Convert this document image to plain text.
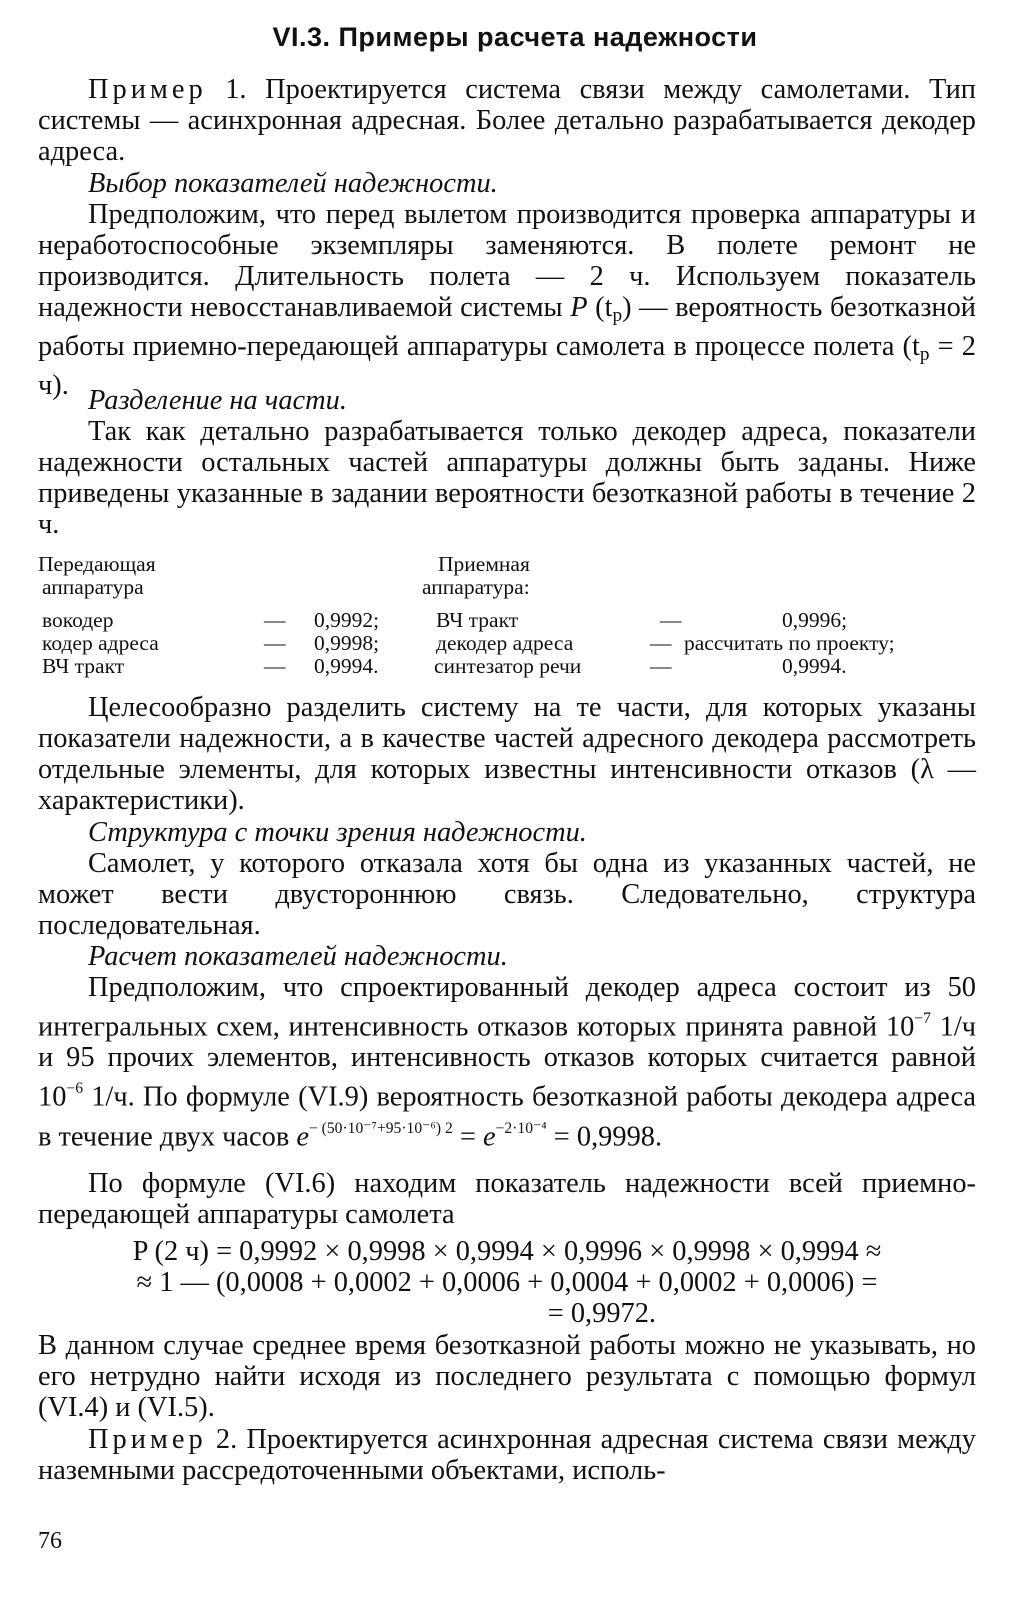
VI.3. Примеры расчета надежности

Пример 1. Проектируется система связи между самолетами. Тип системы — асинхронная адресная. Более детально разрабатывается декодер адреса.

Выбор показателей надежности.

Предположим, что перед вылетом производится проверка аппаратуры и неработоспособные экземпляры заменяются. В полете ремонт не производится. Длительность полета — 2 ч. Используем показатель надежности невосстанавливаемой системы P $(t_р)$ — вероятность безотказной работы приемно-передающей аппаратуры самолета в процессе полета ($t_р = 2$ ч). Разделение на части.

Так как детально разрабатывается только декодер адреса, показатели надежности остальных частей аппаратуры должны быть заданы. Ниже приведены указанные в задании вероятности безотказной работы в течение 2 ч.

Передающая	Приемная
аппаратура	аппаратура:
вокодер	— 0,9992;	ВЧ тракт	—	0,9996;
кодер адреса	— 0,9998;	декодер адреса	— рассчитать по проекту;
ВЧ тракт	— 0,9994.	синтезатор речи	—	0,9994.

Целесообразно разделить систему на те части, для которых указаны показатели надежности, а в качестве частей адресного декодера рассмотреть отдельные элементы, для которых известны интенсивности отказов (λ — характеристики).

Структура с точки зрения надежности.

Самолет, у которого отказала хотя бы одна из указанных частей, не может вести двустороннюю связь. Следовательно, структура последовательная.

Расчет показателей надежности.

Предположим, что спроектированный декодер адреса состоит из 50 интегральных схем, интенсивность отказов которых принята равной $10^{-7}$ 1/ч и 95 прочих элементов, интенсивность отказов которых считается равной $10^{-6}$ 1/ч. По формуле (VI.9) вероятность безотказной работы декодера адреса в течение двух часов $e^{- (50\cdot 10^{-7}+95\cdot 10^{-6}) 2} = e^{-2\cdot 10^{-4}} = 0,9998$.

По формуле (VI.6) находим показатель надежности всей приемно-передающей аппаратуры самолета

P (2 ч) = 0,9992 × 0,9998 × 0,9994 × 0,9996 × 0,9998 × 0,9994 ≈
≈ 1 — (0,0008 + 0,0002 + 0,0006 + 0,0004 + 0,0002 + 0,0006) =
= 0,9972.

В данном случае среднее время безотказной работы можно не указывать, но его нетрудно найти исходя из последнего результата с помощью формул (VI.4) и (VI.5).

Пример 2. Проектируется асинхронная адресная система связи между наземными рассредоточенными объектами, исполь-

76
